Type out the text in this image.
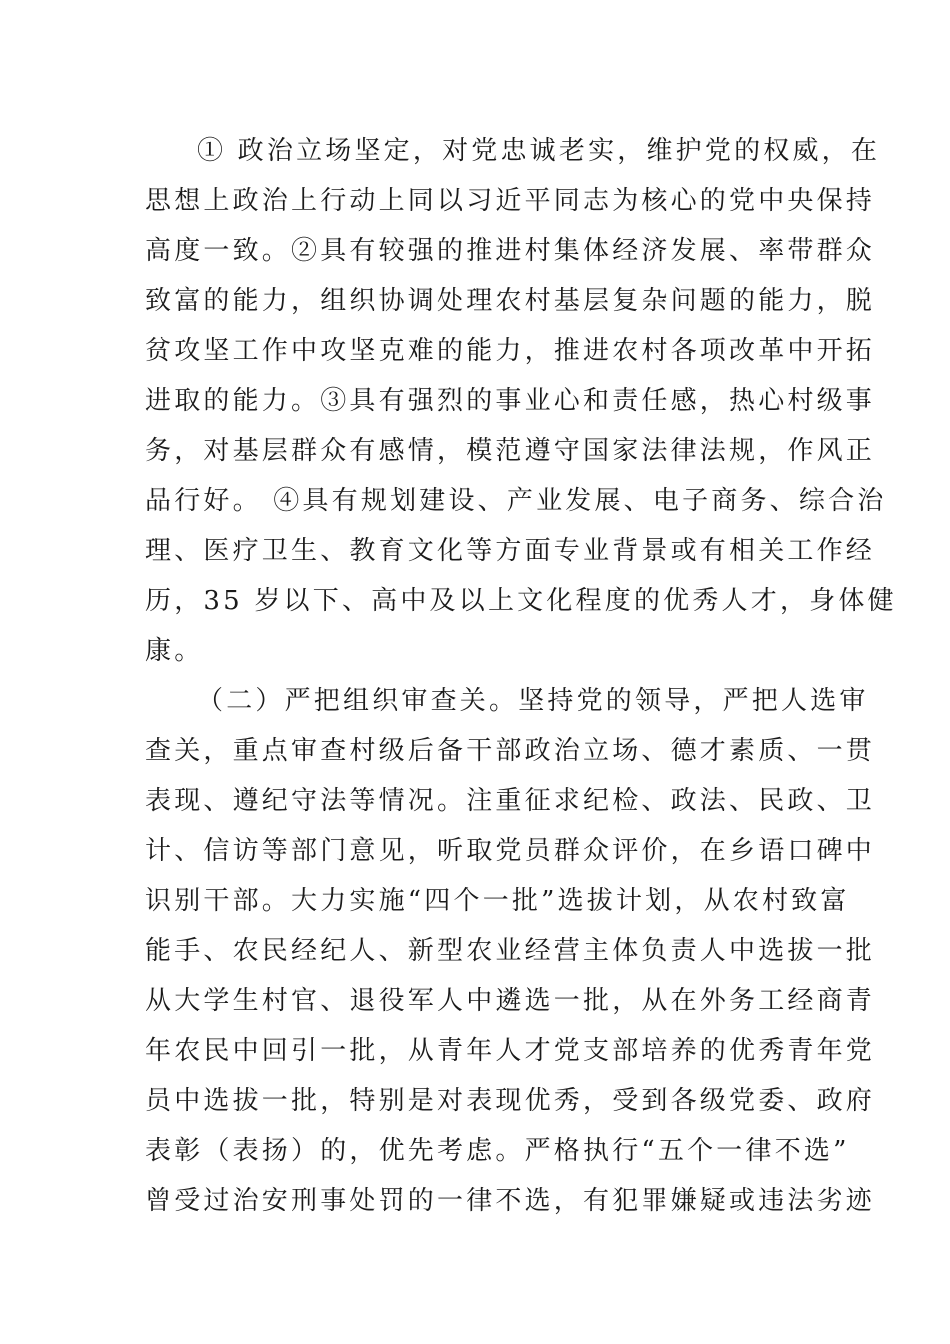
① 政治立场坚定，对党忠诚老实，维护党的权威，在

思想上政治上行动上同以习近平同志为核心的党中央保持

高度一致。②具有较强的推进村集体经济发展、率带群众

致富的能力，组织协调处理农村基层复杂问题的能力，脱

贫攻坚工作中攻坚克难的能力，推进农村各项改革中开拓

进取的能力。③具有强烈的事业心和责任感，热心村级事

务，对基层群众有感情，模范遵守国家法律法规，作风正

品行好。 ④具有规划建设、产业发展、电子商务、综合治

理、医疗卫生、教育文化等方面专业背景或有相关工作经

历，35 岁以下、高中及以上文化程度的优秀人才，身体健

康。

（二）严把组织审查关。坚持党的领导，严把人选审

查关，重点审查村级后备干部政治立场、德才素质、一贯

表现、遵纪守法等情况。注重征求纪检、政法、民政、卫

计、信访等部门意见，听取党员群众评价，在乡语口碑中

识别干部。大力实施“四个一批”选拔计划，从农村致富

能手、农民经纪人、新型农业经营主体负责人中选拔一批

从大学生村官、退役军人中遴选一批，从在外务工经商青

年农民中回引一批，从青年人才党支部培养的优秀青年党

员中选拔一批，特别是对表现优秀，受到各级党委、政府

表彰（表扬）的，优先考虑。严格执行“五个一律不选”

曾受过治安刑事处罚的一律不选，有犯罪嫌疑或违法劣迹
